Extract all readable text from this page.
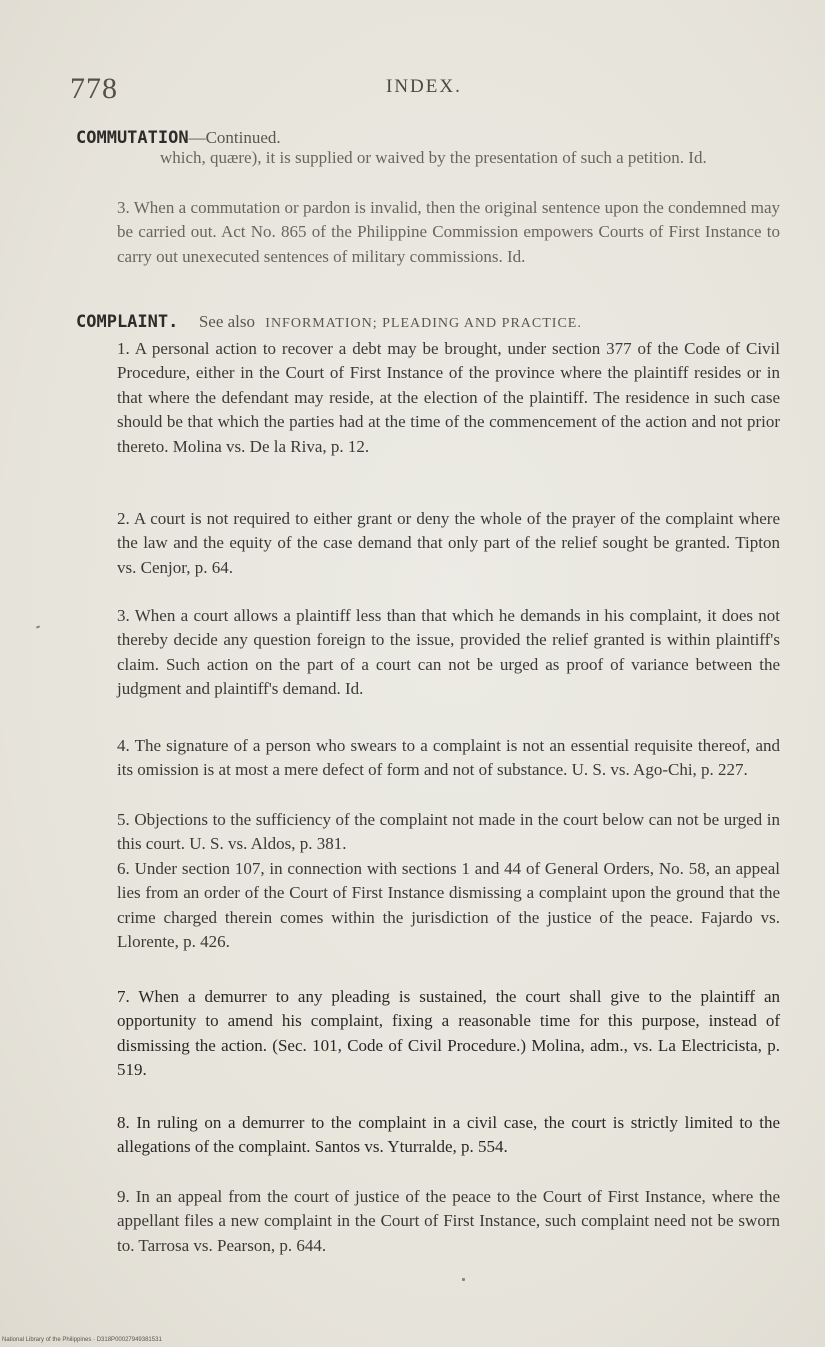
778	INDEX.
COMMUTATION—Continued.
which, quære), it is supplied or waived by the presentation of such a petition. Id.
3. When a commutation or pardon is invalid, then the original sentence upon the condemned may be carried out. Act No. 865 of the Philippine Commission empowers Courts of First Instance to carry out unexecuted sentences of military commissions. Id.
COMPLAINT. See also INFORMATION; PLEADING AND PRACTICE.
1. A personal action to recover a debt may be brought, under section 377 of the Code of Civil Procedure, either in the Court of First Instance of the province where the plaintiff resides or in that where the defendant may reside, at the election of the plaintiff. The residence in such case should be that which the parties had at the time of the commencement of the action and not prior thereto. Molina vs. De la Riva, p. 12.
2. A court is not required to either grant or deny the whole of the prayer of the complaint where the law and the equity of the case demand that only part of the relief sought be granted. Tipton vs. Cenjor, p. 64.
3. When a court allows a plaintiff less than that which he demands in his complaint, it does not thereby decide any question foreign to the issue, provided the relief granted is within plaintiff's claim. Such action on the part of a court can not be urged as proof of variance between the judgment and plaintiff's demand. Id.
4. The signature of a person who swears to a complaint is not an essential requisite thereof, and its omission is at most a mere defect of form and not of substance. U. S. vs. Ago-Chi, p. 227.
5. Objections to the sufficiency of the complaint not made in the court below can not be urged in this court. U. S. vs. Aldos, p. 381.
6. Under section 107, in connection with sections 1 and 44 of General Orders, No. 58, an appeal lies from an order of the Court of First Instance dismissing a complaint upon the ground that the crime charged therein comes within the jurisdiction of the justice of the peace. Fajardo vs. Llorente, p. 426.
7. When a demurrer to any pleading is sustained, the court shall give to the plaintiff an opportunity to amend his complaint, fixing a reasonable time for this purpose, instead of dismissing the action. (Sec. 101, Code of Civil Procedure.) Molina, adm., vs. La Electricista, p. 519.
8. In ruling on a demurrer to the complaint in a civil case, the court is strictly limited to the allegations of the complaint. Santos vs. Yturralde, p. 554.
9. In an appeal from the court of justice of the peace to the Court of First Instance, where the appellant files a new complaint in the Court of First Instance, such complaint need not be sworn to. Tarrosa vs. Pearson, p. 644.
National Library of the Philippines · D318P00027949381531
